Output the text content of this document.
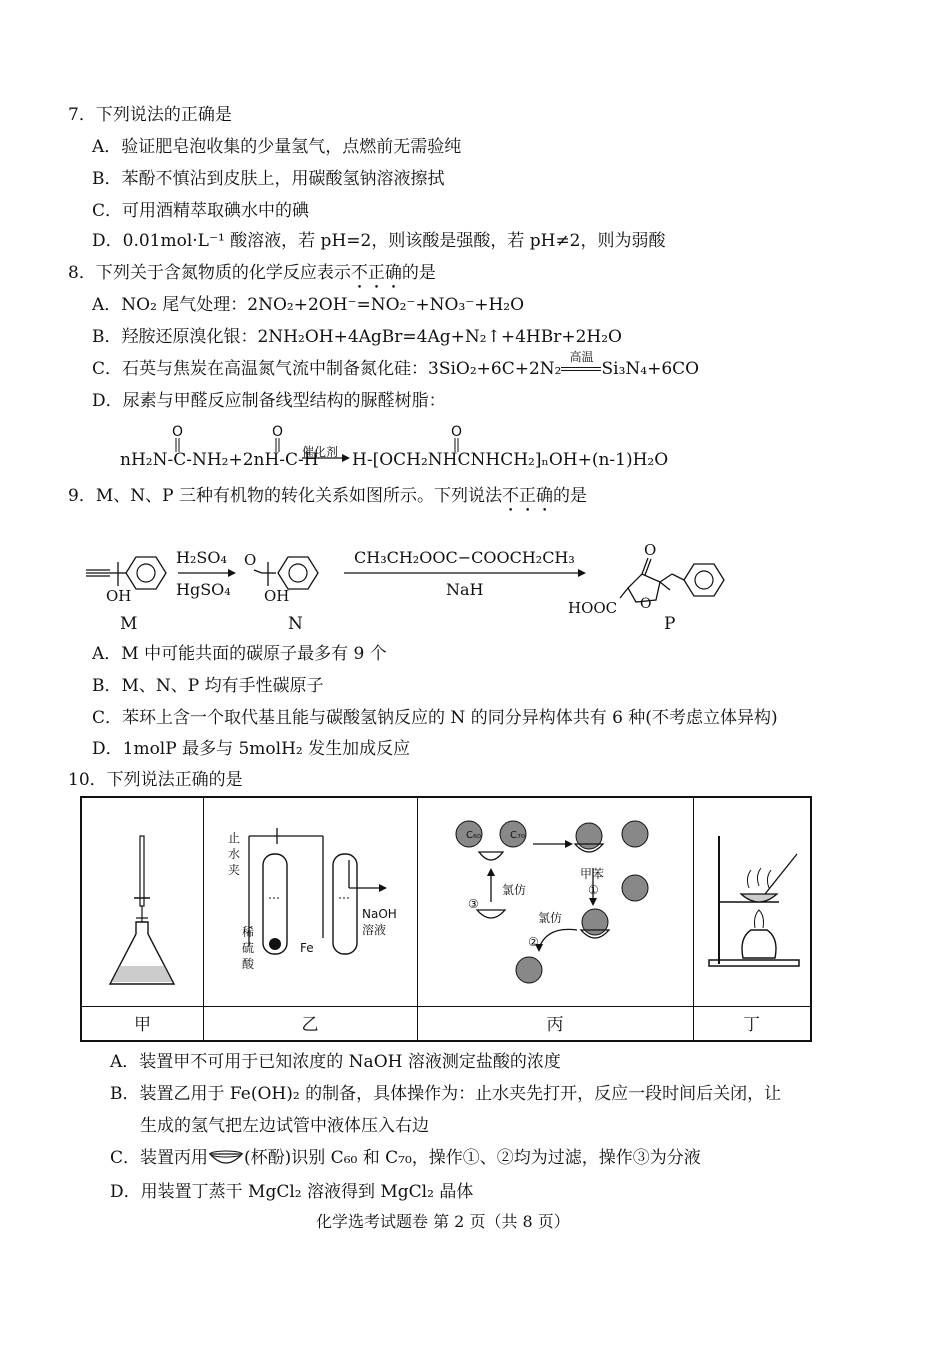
7．下列说法的正确是
A．验证肥皂泡收集的少量氢气，点燃前无需验纯
B．苯酚不慎沾到皮肤上，用碳酸氢钠溶液擦拭
C．可用酒精萃取碘水中的碘
D．0.01mol·L⁻¹ 酸溶液，若 pH=2，则该酸是强酸，若 pH≠2，则为弱酸
8．下列关于含氮物质的化学反应表示不正确的是
A．NO₂ 尾气处理：2NO₂+2OH⁻=NO₂⁻+NO₃⁻+H₂O
B．羟胺还原溴化银：2NH₂OH+4AgBr=4Ag+N₂↑+4HBr+2H₂O
C．石英与焦炭在高温氮气流中制备氮化硅：3SiO₂+6C+2N₂
高温
Si₃N₄+6CO
D．尿素与甲醛反应制备线型结构的脲醛树脂：
nH₂N-C-NH₂+2nH-C-H
O	O	O
催化剂 H-[OCH₂NHCNHCH₂]ₙOH+(n-1)H₂O
9．M、N、P 三种有机物的转化关系如图所示。下列说法不正确的是
H₂SO₄
HgSO₄
CH₃CH₂OOC−COOCH₂CH₃
NaH
OH
O
OH
O
O
HOOC
M	N	P
A．M 中可能共面的碳原子最多有 9 个
B．M、N、P 均有手性碳原子
C．苯环上含一个取代基且能与碳酸氢钠反应的 N 的同分异构体共有 6 种(不考虑立体异构)
D．1molP 最多与 5molH₂ 发生加成反应
10．下列说法正确的是
甲	乙	丙	丁
止
水
夹
稀
硫
酸
Fe
NaOH
溶液
C₆₀	C₇₀
甲苯
①
氯仿
③
氯仿
②
A．装置甲不可用于已知浓度的 NaOH 溶液测定盐酸的浓度
B．装置乙用于 Fe(OH)₂ 的制备，具体操作为：止水夹先打开，反应一段时间后关闭，让
生成的氢气把左边试管中液体压入右边
C．装置丙用 (杯酚)识别 C₆₀ 和 C₇₀，操作①、②均为过滤，操作③为分液
D．用装置丁蒸干 MgCl₂ 溶液得到 MgCl₂ 晶体
化学选考试题卷 第 2 页（共 8 页）
